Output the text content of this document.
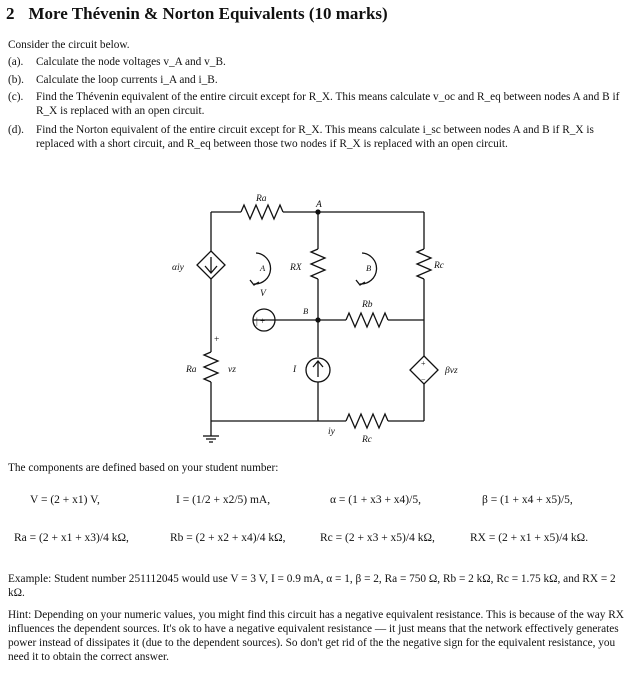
2 More Thévenin & Norton Equivalents (10 marks)
Consider the circuit below.
(a).	Calculate the node voltages v_A and v_B.
(b).	Calculate the loop currents i_A and i_B.
(c).	Find the Thévenin equivalent of the entire circuit except for R_X. This means calculate v_oc and R_eq between nodes A and B if R_X is replaced with an open circuit.
(d).	Find the Norton equivalent of the entire circuit except for R_X. This means calculate i_sc between nodes A and B if R_X is replaced with a short circuit, and R_eq between those two nodes if R_X is replaced with an open circuit.
Ra
A
αiy	A	RX	B	Rc
V
B
Rb
| +
+
Ra	vz	I	βvz
+
−
iy
Rc
The components are defined based on your student number:
V = (2 + x1) V,	I = (1/2 + x2/5) mA,	α = (1 + x3 + x4)/5,	β = (1 + x4 + x5)/5,
Ra = (2 + x1 + x3)/4 kΩ,	Rb = (2 + x2 + x4)/4 kΩ,	Rc = (2 + x3 + x5)/4 kΩ,	RX = (2 + x1 + x5)/4 kΩ.
Example: Student number 251112045 would use V = 3 V, I = 0.9 mA, α = 1, β = 2, Ra = 750 Ω, Rb = 2 kΩ, Rc = 1.75 kΩ, and RX = 2 kΩ.
Hint: Depending on your numeric values, you might find this circuit has a negative equivalent resistance. This is because of the way RX influences the dependent sources. It's ok to have a negative equivalent resistance — it just means that the network effectively generates power instead of dissipates it (due to the dependent sources). So don't get rid of the the negative sign for the equivalent resistance, you need it to obtain the correct answer.
